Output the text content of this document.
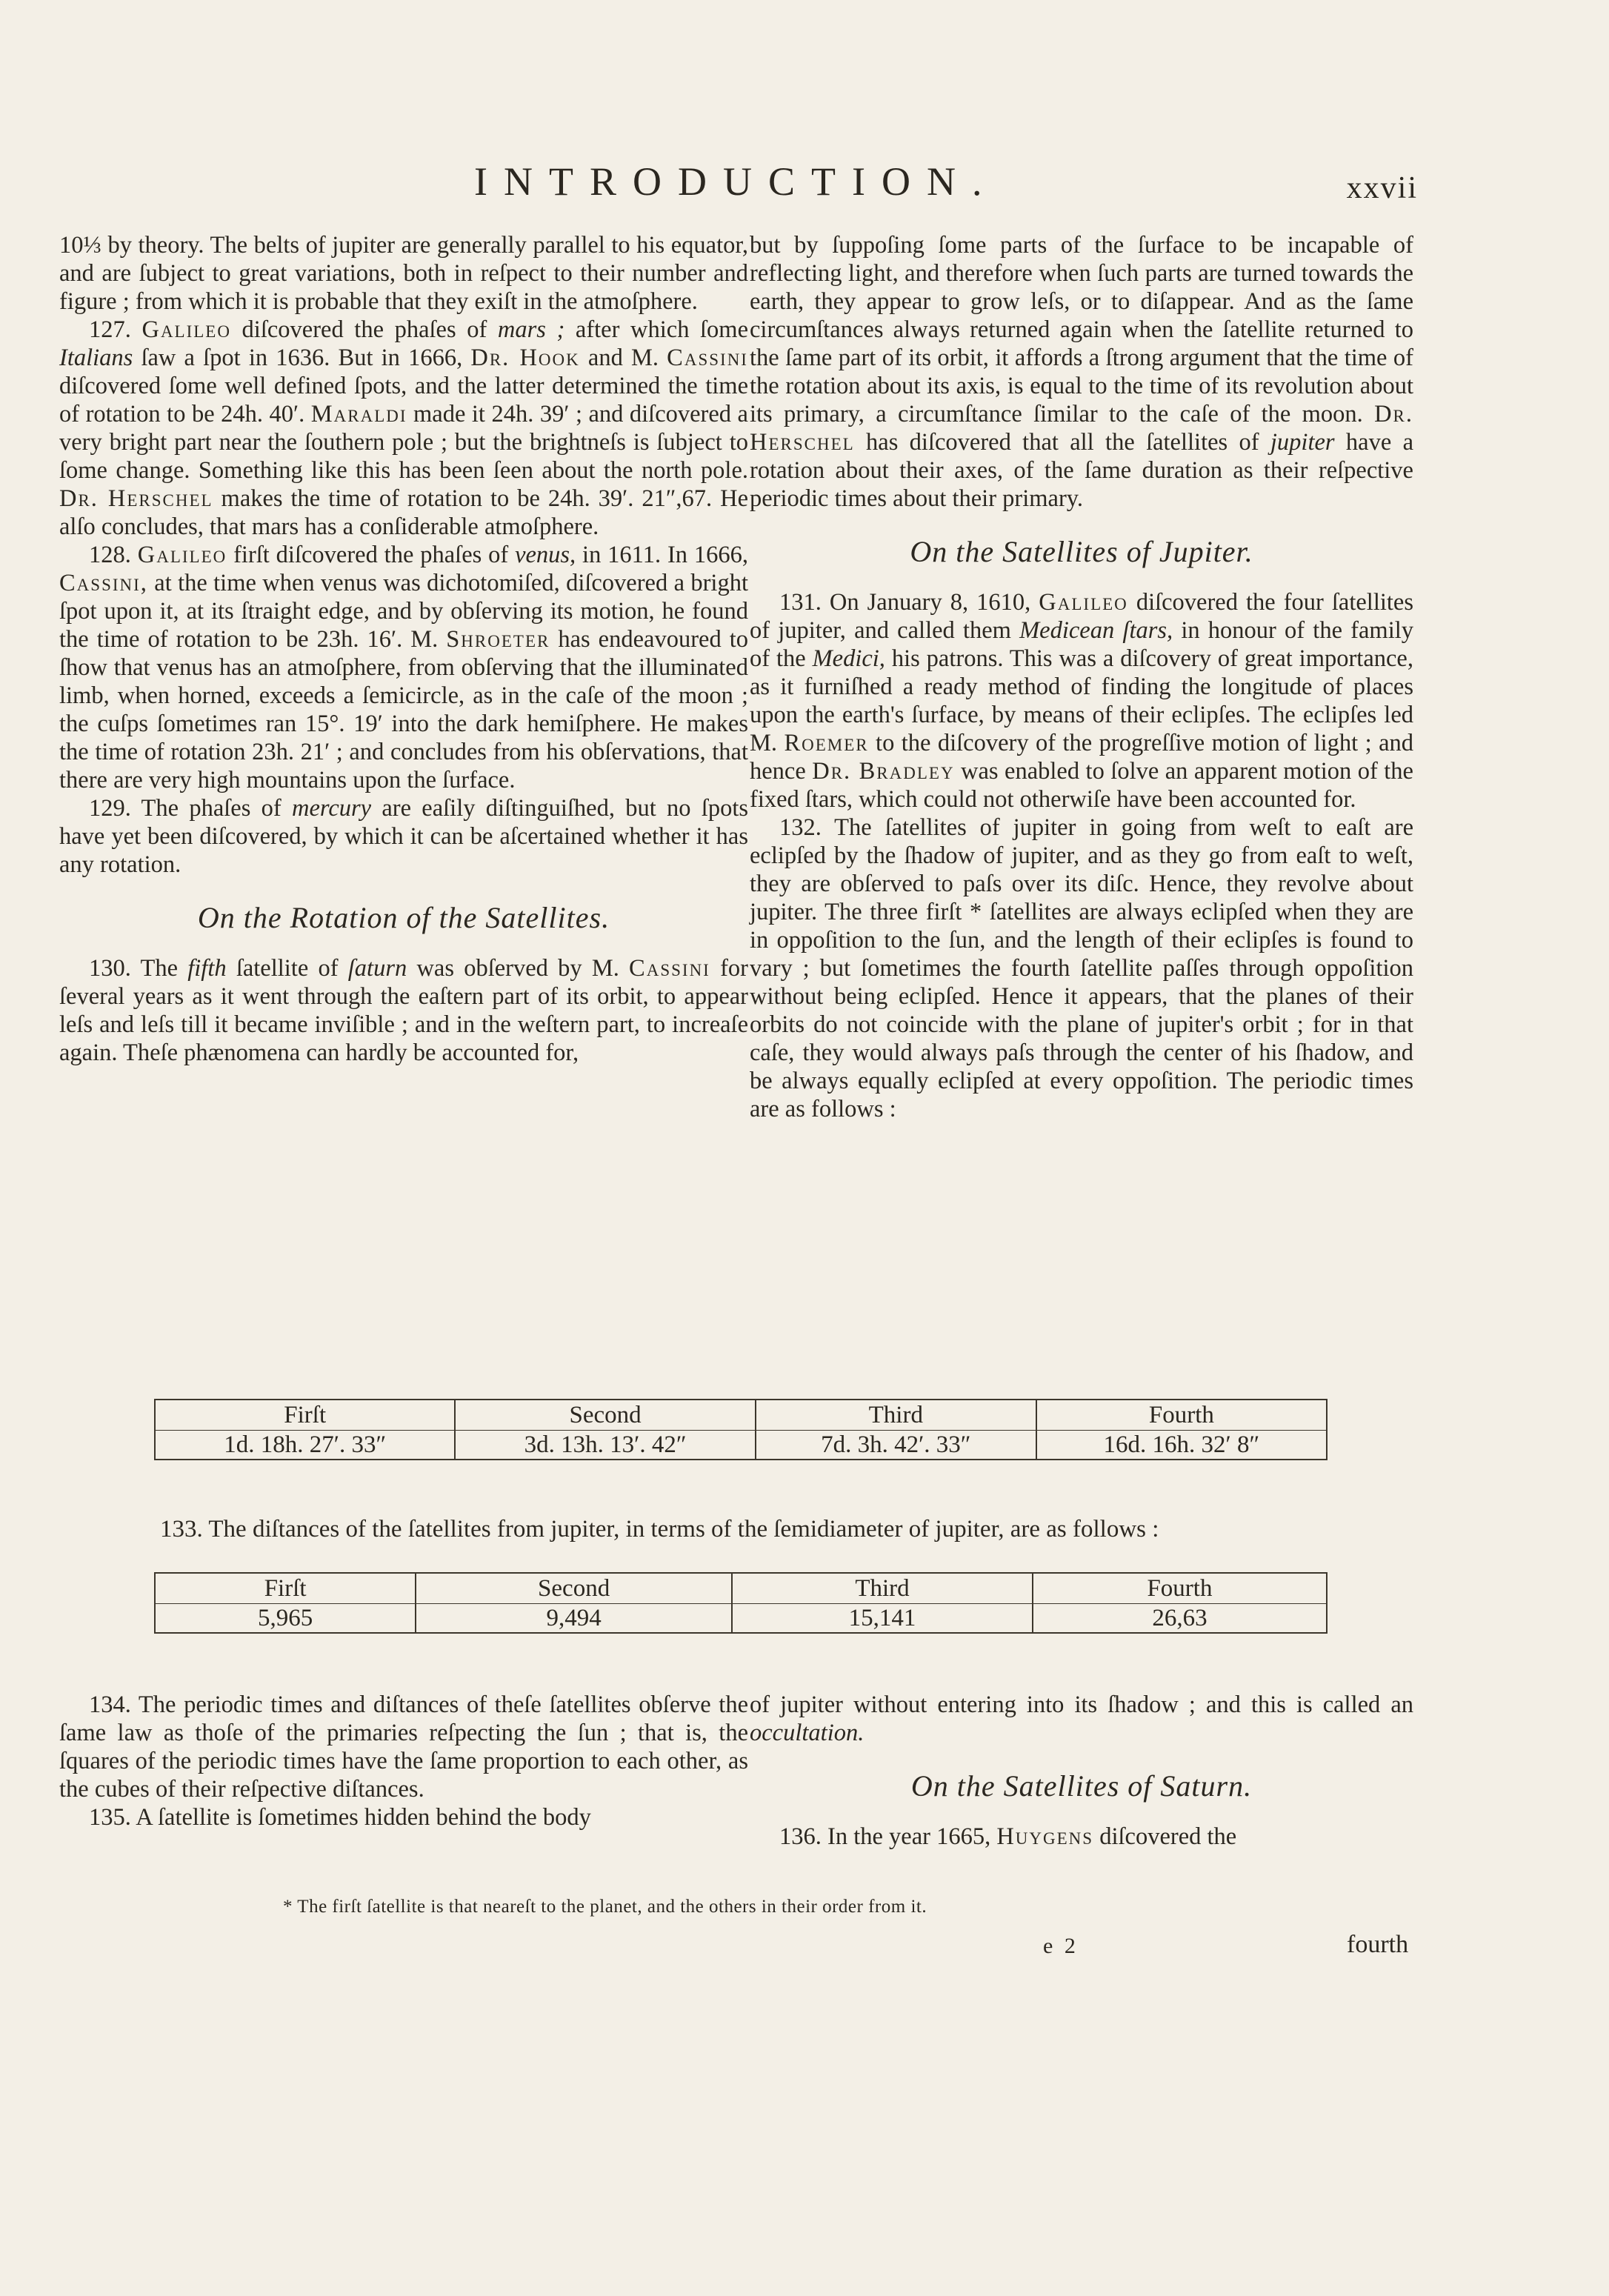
INTRODUCTION.	xxvii

10⅓ by theory. The belts of jupiter are generally parallel to his equator, and are ſubject to great variations, both in reſpect to their number and figure ; from which it is probable that they exiſt in the atmoſphere.

127. Galileo diſcovered the phaſes of mars ; after which ſome Italians ſaw a ſpot in 1636. But in 1666, Dr. Hook and M. Cassini diſcovered ſome well defined ſpots, and the latter determined the time of rotation to be 24h. 40′. Maraldi made it 24h. 39′ ; and diſcovered a very bright part near the ſouthern pole ; but the brightneſs is ſubject to ſome change. Something like this has been ſeen about the north pole. Dr. Herschel makes the time of rotation to be 24h. 39′. 21″,67. He alſo concludes, that mars has a conſiderable atmoſphere.

128. Galileo firſt diſcovered the phaſes of venus, in 1611. In 1666, Cassini, at the time when venus was dichotomiſed, diſcovered a bright ſpot upon it, at its ſtraight edge, and by obſerving its motion, he found the time of rotation to be 23h. 16′. M. Shroeter has endeavoured to ſhow that venus has an atmoſphere, from obſerving that the illuminated limb, when horned, exceeds a ſemicircle, as in the caſe of the moon ; the cuſps ſometimes ran 15°. 19′ into the dark hemiſphere. He makes the time of rotation 23h. 21′ ; and concludes from his obſervations, that there are very high mountains upon the ſurface.

129. The phaſes of mercury are eaſily diſtinguiſhed, but no ſpots have yet been diſcovered, by which it can be aſcertained whether it has any rotation.

On the Rotation of the Satellites.

130. The fifth ſatellite of ſaturn was obſerved by M. Cassini for ſeveral years as it went through the eaſtern part of its orbit, to appear leſs and leſs till it became inviſible ; and in the weſtern part, to increaſe again. Theſe phænomena can hardly be accounted for,

but by ſuppoſing ſome parts of the ſurface to be incapable of reflecting light, and therefore when ſuch parts are turned towards the earth, they appear to grow leſs, or to diſappear. And as the ſame circumſtances always returned again when the ſatellite returned to the ſame part of its orbit, it affords a ſtrong argument that the time of the rotation about its axis, is equal to the time of its revolution about its primary, a circumſtance ſimilar to the caſe of the moon. Dr. Herschel has diſcovered that all the ſatellites of jupiter have a rotation about their axes, of the ſame duration as their reſpective periodic times about their primary.

On the Satellites of Jupiter.

131. On January 8, 1610, Galileo diſcovered the four ſatellites of jupiter, and called them Medicean ſtars, in honour of the family of the Medici, his patrons. This was a diſcovery of great importance, as it furniſhed a ready method of finding the longitude of places upon the earth's ſurface, by means of their eclipſes. The eclipſes led M. Roemer to the diſcovery of the progreſſive motion of light ; and hence Dr. Bradley was enabled to ſolve an apparent motion of the fixed ſtars, which could not otherwiſe have been accounted for.

132. The ſatellites of jupiter in going from weſt to eaſt are eclipſed by the ſhadow of jupiter, and as they go from eaſt to weſt, they are obſerved to paſs over its diſc. Hence, they revolve about jupiter. The three firſt * ſatellites are always eclipſed when they are in oppoſition to the ſun, and the length of their eclipſes is found to vary ; but ſometimes the fourth ſatellite paſſes through oppoſition without being eclipſed. Hence it appears, that the planes of their orbits do not coincide with the plane of jupiter's orbit ; for in that caſe, they would always paſs through the center of his ſhadow, and be always equally eclipſed at every oppoſition. The periodic times are as follows :

Firſt	Second	Third	Fourth
1d. 18h. 27′. 33″	3d. 13h. 13′. 42″	7d. 3h. 42′. 33″	16d. 16h. 32′ 8″
133. The diſtances of the ſatellites from jupiter, in terms of the ſemidiameter of jupiter, are as follows :
Firſt	Second	Third	Fourth
5,965	9,494	15,141	26,63

134. The periodic times and diſtances of theſe ſatellites obſerve the ſame law as thoſe of the primaries reſpecting the ſun ; that is, the ſquares of the periodic times have the ſame proportion to each other, as the cubes of their reſpective diſtances.

135. A ſatellite is ſometimes hidden behind the body

of jupiter without entering into its ſhadow ; and this is called an occultation.

On the Satellites of Saturn.

136. In the year 1665, Huygens diſcovered the

* The firſt ſatellite is that neareſt to the planet, and the others in their order from it.
e 2	fourth
